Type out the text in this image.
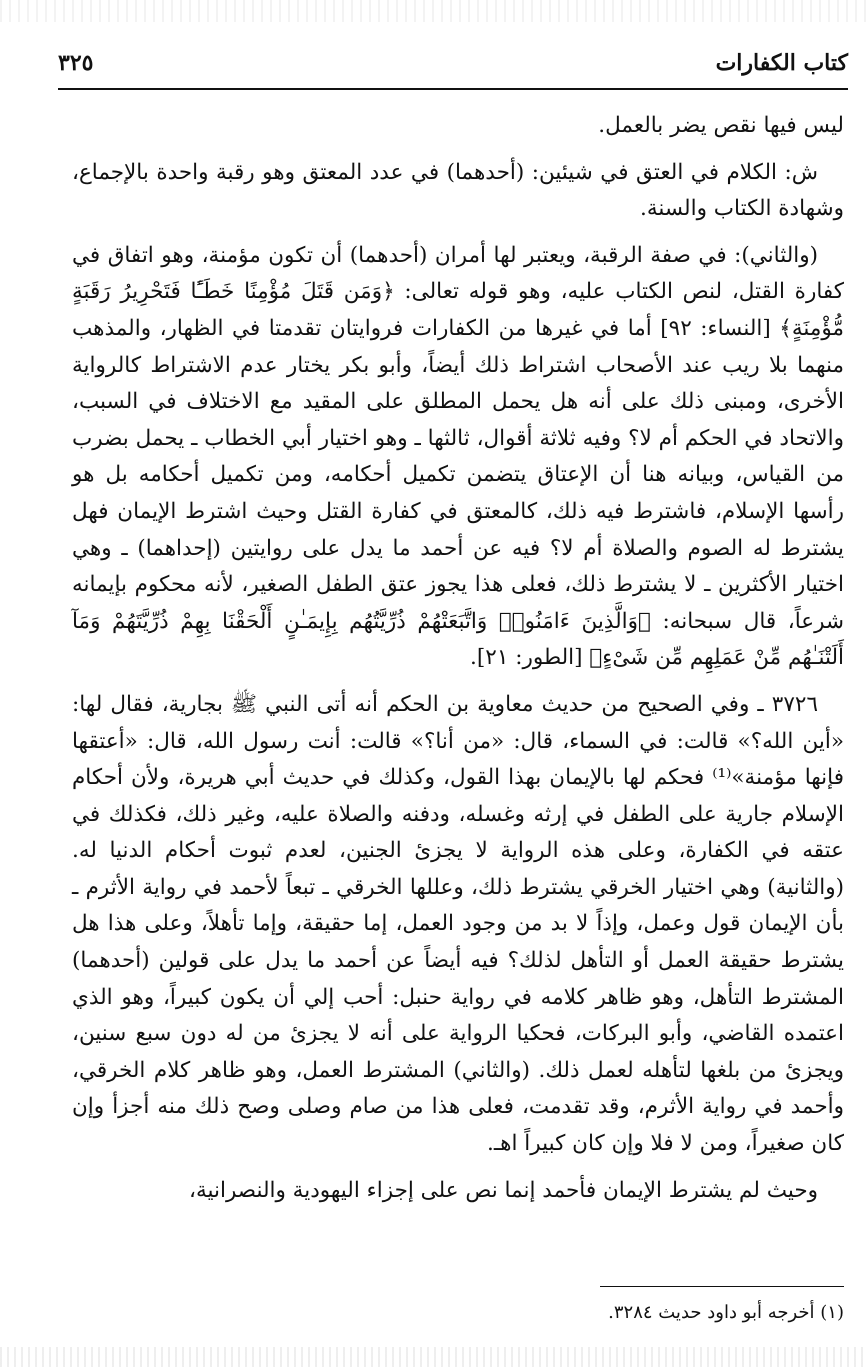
كتاب الكفارات
٣٢٥

ليس فيها نقص يضر بالعمل.

ش: الكلام في العتق في شيئين: (أحدهما) في عدد المعتق وهو رقبة واحدة بالإجماع، وشهادة الكتاب والسنة.

(والثاني): في صفة الرقبة، ويعتبر لها أمران (أحدهما) أن تكون مؤمنة، وهو اتفاق في كفارة القتل، لنص الكتاب عليه، وهو قوله تعالى: ﴿وَمَن قَتَلَ مُؤْمِنًا خَطَـًٔا فَتَحْرِيرُ رَقَبَةٍ مُّؤْمِنَةٍ﴾ [النساء: ٩٢] أما في غيرها من الكفارات فروايتان تقدمتا في الظهار، والمذهب منهما بلا ريب عند الأصحاب اشتراط ذلك أيضاً، وأبو بكر يختار عدم الاشتراط كالرواية الأخرى، ومبنى ذلك على أنه هل يحمل المطلق على المقيد مع الاختلاف في السبب، والاتحاد في الحكم أم لا؟ وفيه ثلاثة أقوال، ثالثها ـ وهو اختيار أبي الخطاب ـ يحمل بضرب من القياس، وبيانه هنا أن الإعتاق يتضمن تكميل أحكامه، ومن تكميل أحكامه بل هو رأسها الإسلام، فاشترط فيه ذلك، كالمعتق في كفارة القتل وحيث اشترط الإيمان فهل يشترط له الصوم والصلاة أم لا؟ فيه عن أحمد ما يدل على روايتين (إحداهما) ـ وهي اختيار الأكثرين ـ لا يشترط ذلك، فعلى هذا يجوز عتق الطفل الصغير، لأنه محكوم بإيمانه شرعاً، قال سبحانه: ﴿وَالَّذِينَ ءَامَنُوا۟ وَاتَّبَعَتْهُمْ ذُرِّيَّتُهُم بِإِيمَـٰنٍ أَلْحَقْنَا بِهِمْ ذُرِّيَّتَهُمْ وَمَآ أَلَتْنَـٰهُم مِّنْ عَمَلِهِم مِّن شَىْءٍ﴾ [الطور: ٢١].

٣٧٢٦ ـ وفي الصحيح من حديث معاوية بن الحكم أنه أتى النبي ﷺ بجارية، فقال لها: «أين الله؟» قالت: في السماء، قال: «من أنا؟» قالت: أنت رسول الله، قال: «أعتقها فإنها مؤمنة»⁽¹⁾ فحكم لها بالإيمان بهذا القول، وكذلك في حديث أبي هريرة، ولأن أحكام الإسلام جارية على الطفل في إرثه وغسله، ودفنه والصلاة عليه، وغير ذلك، فكذلك في عتقه في الكفارة، وعلى هذه الرواية لا يجزئ الجنين، لعدم ثبوت أحكام الدنيا له. (والثانية) وهي اختيار الخرقي يشترط ذلك، وعللها الخرقي ـ تبعاً لأحمد في رواية الأثرم ـ بأن الإيمان قول وعمل، وإذاً لا بد من وجود العمل، إما حقيقة، وإما تأهلاً، وعلى هذا هل يشترط حقيقة العمل أو التأهل لذلك؟ فيه أيضاً عن أحمد ما يدل على قولين (أحدهما) المشترط التأهل، وهو ظاهر كلامه في رواية حنبل: أحب إلي أن يكون كبيراً، وهو الذي اعتمده القاضي، وأبو البركات، فحكيا الرواية على أنه لا يجزئ من له دون سبع سنين، ويجزئ من بلغها لتأهله لعمل ذلك. (والثاني) المشترط العمل، وهو ظاهر كلام الخرقي، وأحمد في رواية الأثرم، وقد تقدمت، فعلى هذا من صام وصلى وصح ذلك منه أجزأ وإن كان صغيراً، ومن لا فلا وإن كان كبيراً اهـ.

وحيث لم يشترط الإيمان فأحمد إنما نص على إجزاء اليهودية والنصرانية،

(١) أخرجه أبو داود حديث ٣٢٨٤.
